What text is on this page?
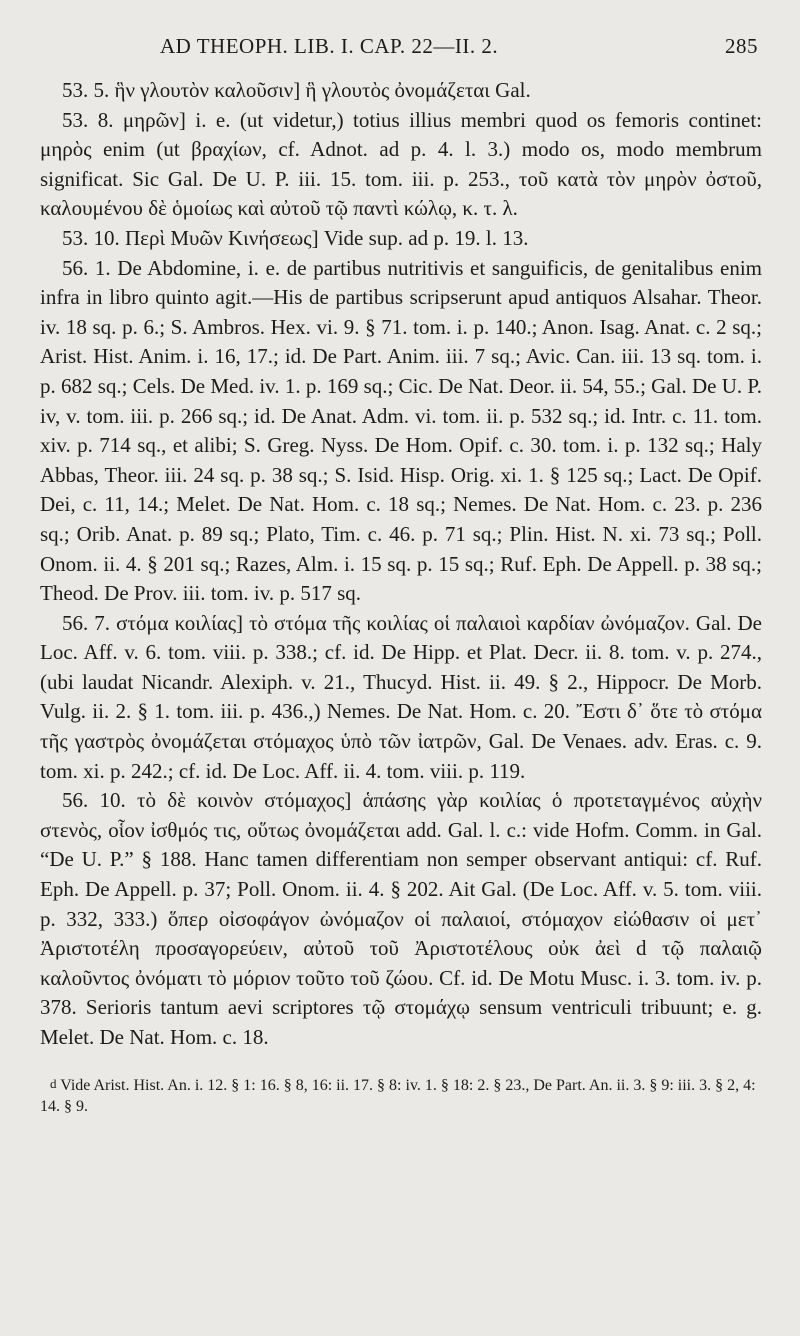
AD THEOPH. LIB. I. CAP. 22—II. 2.	285

53. 5. ἣν γλουτὸν καλοῦσιν] ἣ γλουτὸς ὀνομάζεται Gal.

53. 8. μηρῶν] i. e. (ut videtur,) totius illius membri quod os femoris continet: μηρὸς enim (ut βραχίων, cf. Adnot. ad p. 4. l. 3.) modo os, modo membrum significat. Sic Gal. De U. P. iii. 15. tom. iii. p. 253., τοῦ κατὰ τὸν μηρὸν ὀστοῦ, καλουμένου δὲ ὁμοίως καὶ αὐτοῦ τῷ παντὶ κώλῳ, κ. τ. λ.

53. 10. Περὶ Μυῶν Κινήσεως] Vide sup. ad p. 19. l. 13.

56. 1. De Abdomine, i. e. de partibus nutritivis et sanguificis, de genitalibus enim infra in libro quinto agit.—His de partibus scripserunt apud antiquos Alsahar. Theor. iv. 18 sq. p. 6.; S. Ambros. Hex. vi. 9. § 71. tom. i. p. 140.; Anon. Isag. Anat. c. 2 sq.; Arist. Hist. Anim. i. 16, 17.; id. De Part. Anim. iii. 7 sq.; Avic. Can. iii. 13 sq. tom. i. p. 682 sq.; Cels. De Med. iv. 1. p. 169 sq.; Cic. De Nat. Deor. ii. 54, 55.; Gal. De U. P. iv, v. tom. iii. p. 266 sq.; id. De Anat. Adm. vi. tom. ii. p. 532 sq.; id. Intr. c. 11. tom. xiv. p. 714 sq., et alibi; S. Greg. Nyss. De Hom. Opif. c. 30. tom. i. p. 132 sq.; Haly Abbas, Theor. iii. 24 sq. p. 38 sq.; S. Isid. Hisp. Orig. xi. 1. § 125 sq.; Lact. De Opif. Dei, c. 11, 14.; Melet. De Nat. Hom. c. 18 sq.; Nemes. De Nat. Hom. c. 23. p. 236 sq.; Orib. Anat. p. 89 sq.; Plato, Tim. c. 46. p. 71 sq.; Plin. Hist. N. xi. 73 sq.; Poll. Onom. ii. 4. § 201 sq.; Razes, Alm. i. 15 sq. p. 15 sq.; Ruf. Eph. De Appell. p. 38 sq.; Theod. De Prov. iii. tom. iv. p. 517 sq.

56. 7. στόμα κοιλίας] τὸ στόμα τῆς κοιλίας οἱ παλαιοὶ καρδίαν ὠνόμαζον. Gal. De Loc. Aff. v. 6. tom. viii. p. 338.; cf. id. De Hipp. et Plat. Decr. ii. 8. tom. v. p. 274., (ubi laudat Nicandr. Alexiph. v. 21., Thucyd. Hist. ii. 49. § 2., Hippocr. De Morb. Vulg. ii. 2. § 1. tom. iii. p. 436.,) Nemes. De Nat. Hom. c. 20. Ἔστι δ᾽ ὅτε τὸ στόμα τῆς γαστρὸς ὀνομάζεται στόμαχος ὑπὸ τῶν ἰατρῶν, Gal. De Venaes. adv. Eras. c. 9. tom. xi. p. 242.; cf. id. De Loc. Aff. ii. 4. tom. viii. p. 119.

56. 10. τὸ δὲ κοινὸν στόμαχος] ἁπάσης γὰρ κοιλίας ὁ προτεταγμένος αὐχὴν στενὸς, οἷον ἰσθμός τις, οὕτως ὀνομάζεται add. Gal. l. c.: vide Hofm. Comm. in Gal. “De U. P.” § 188. Hanc tamen differentiam non semper observant antiqui: cf. Ruf. Eph. De Appell. p. 37; Poll. Onom. ii. 4. § 202. Ait Gal. (De Loc. Aff. v. 5. tom. viii. p. 332, 333.) ὅπερ οἰσοφάγον ὠνόμαζον οἱ παλαιοί, στόμαχον εἰώθασιν οἱ μετ᾽ Ἀριστοτέλη προσαγορεύειν, αὐτοῦ τοῦ Ἀριστοτέλους οὐκ ἀεὶ d τῷ παλαιῷ καλοῦντος ὀνόματι τὸ μόριον τοῦτο τοῦ ζώου. Cf. id. De Motu Musc. i. 3. tom. iv. p. 378. Serioris tantum aevi scriptores τῷ στομάχῳ sensum ventriculi tribuunt; e. g. Melet. De Nat. Hom. c. 18.

d Vide Arist. Hist. An. i. 12. § 1: 16. § 8, 16: ii. 17. § 8: iv. 1. § 18: 2. § 23., De Part. An. ii. 3. § 9: iii. 3. § 2, 4: 14. § 9.
